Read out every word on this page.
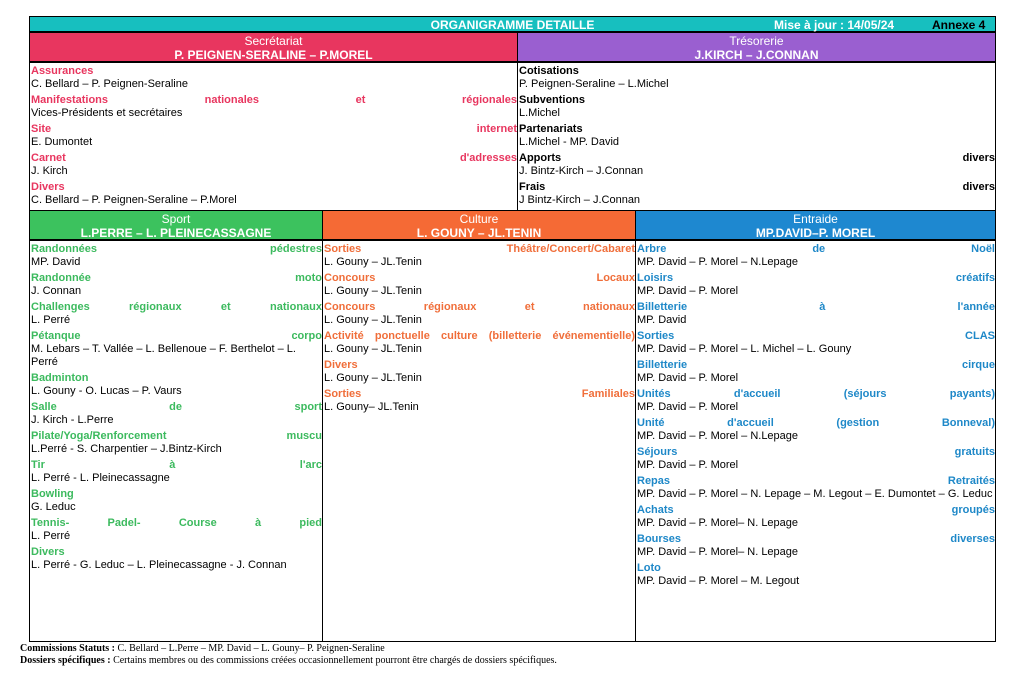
ORGANIGRAMME DETAILLE	Mise à jour : 14/05/24	Annexe 4
Secrétariat
P. PEIGNEN-SERALINE – P.MOREL
Trésorerie
J.KIRCH – J.CONNAN
Assurances
C. Bellard – P. Peignen-Seraline
Manifestations nationales et régionales
Vices-Présidents et secrétaires
Site internet
E. Dumontet
Carnet d'adresses
J. Kirch
Divers
C. Bellard – P. Peignen-Seraline – P.Morel
Cotisations
P. Peignen-Seraline – L.Michel
Subventions
L.Michel
Partenariats
L.Michel - MP. David
Apports divers
J. Bintz-Kirch – J.Connan
Frais divers
J Bintz-Kirch – J.Connan
Sport
L.PERRE – L. PLEINECASSAGNE
Culture
L. GOUNY – JL.TENIN
Entraide
MP.DAVID–P. MOREL
Randonnées pédestres
MP. David
Randonnée moto
J. Connan
Challenges régionaux et nationaux
L. Perré
Pétanque corpo
M. Lebars – T. Vallée – L. Bellenoue – F. Berthelot – L. Perré
Badminton
L. Gouny - O. Lucas – P. Vaurs
Salle de sport
J. Kirch - L.Perre
Pilate/Yoga/Renforcement muscu
L.Perré - S. Charpentier – J.Bintz-Kirch
Tir à l'arc
L. Perré - L. Pleinecassagne
Bowling
G. Leduc
Tennis- Padel- Course à pied
L. Perré
Divers
L. Perré - G. Leduc – L. Pleinecassagne - J. Connan
Sorties Théâtre/Concert/Cabaret
L. Gouny – JL.Tenin
Concours Locaux
L. Gouny – JL.Tenin
Concours régionaux et nationaux
L. Gouny – JL.Tenin
Activité ponctuelle culture (billetterie événementielle)
L. Gouny – JL.Tenin
Divers
L. Gouny – JL.Tenin
Sorties Familiales
L. Gouny– JL.Tenin
Arbre de Noël
MP. David – P. Morel – N.Lepage
Loisirs créatifs
MP. David – P. Morel
Billetterie à l'année
MP. David
Sorties CLAS
MP. David – P. Morel – L. Michel – L. Gouny
Billetterie cirque
MP. David – P. Morel
Unités d'accueil (séjours payants)
MP. David – P. Morel
Unité d'accueil (gestion Bonneval)
MP. David – P. Morel – N.Lepage
Séjours gratuits
MP. David – P. Morel
Repas Retraités
MP. David – P. Morel – N. Lepage – M. Legout – E. Dumontet – G. Leduc
Achats groupés
MP. David – P. Morel– N. Lepage
Bourses diverses
MP. David – P. Morel– N. Lepage
Loto
MP. David – P. Morel – M. Legout
Commissions Statuts : C. Bellard – L.Perre – MP. David – L. Gouny– P. Peignen-Seraline
Dossiers spécifiques : Certains membres ou des commissions créées occasionnellement pourront être chargés de dossiers spécifiques.
